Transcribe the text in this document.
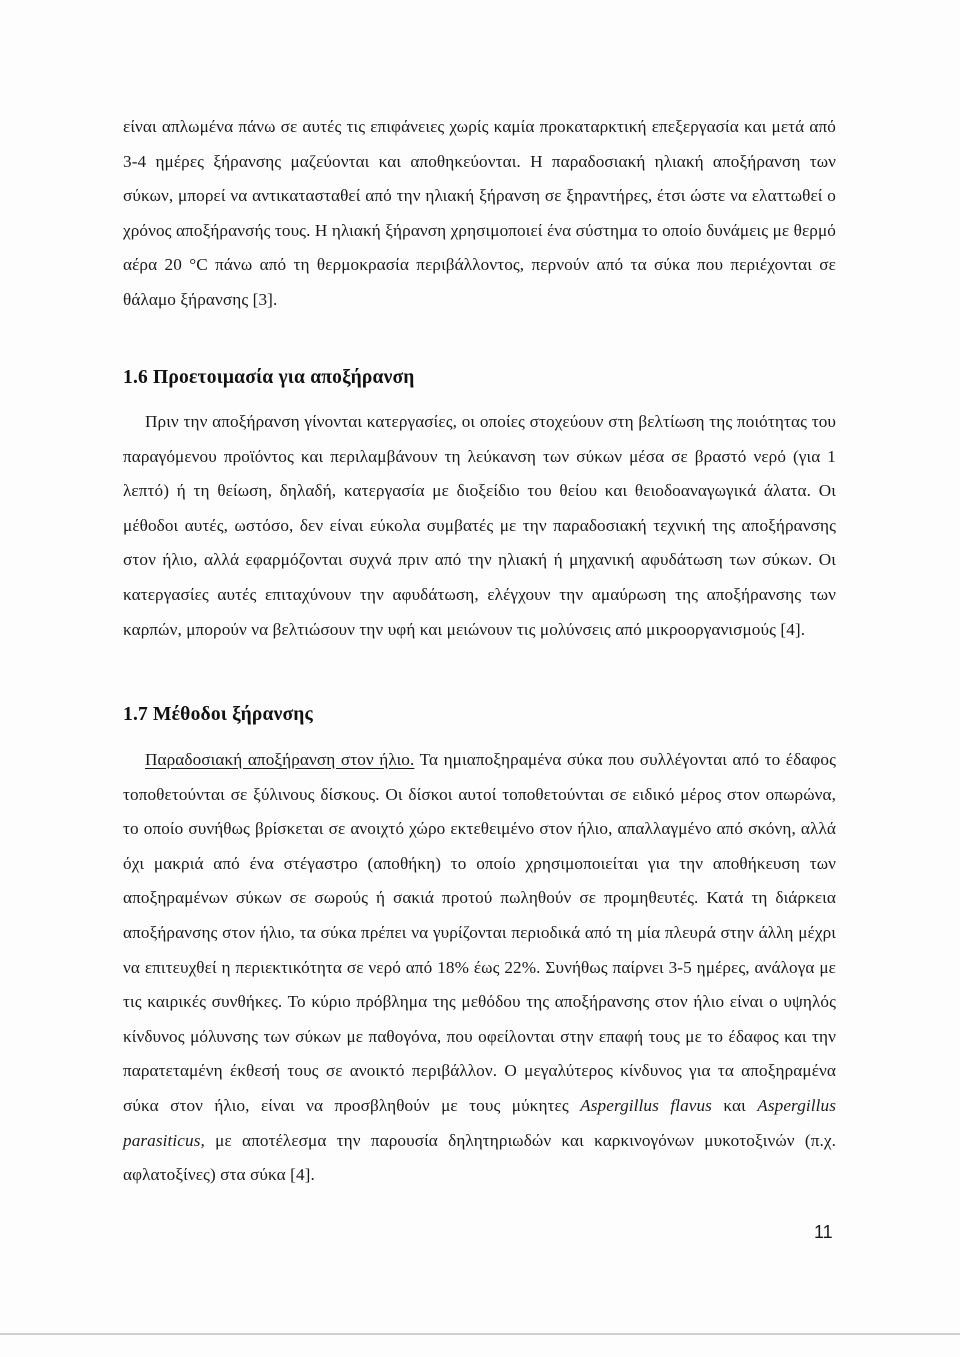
είναι απλωμένα πάνω σε αυτές τις επιφάνειες χωρίς καμία προκαταρκτική επεξεργασία και μετά από 3-4 ημέρες ξήρανσης μαζεύονται και αποθηκεύονται. Η παραδοσιακή ηλιακή αποξήρανση των σύκων, μπορεί να αντικατασταθεί από την ηλιακή ξήρανση σε ξηραντήρες, έτσι ώστε να ελαττωθεί ο χρόνος αποξήρανσής τους. Η ηλιακή ξήρανση χρησιμοποιεί ένα σύστημα το οποίο δυνάμεις με θερμό αέρα 20 °C πάνω από τη θερμοκρασία περιβάλλοντος, περνούν από τα σύκα που περιέχονται σε θάλαμο ξήρανσης [3].

1.6 Προετοιμασία για αποξήρανση

Πριν την αποξήρανση γίνονται κατεργασίες, οι οποίες στοχεύουν στη βελτίωση της ποιότητας του παραγόμενου προϊόντος και περιλαμβάνουν τη λεύκανση των σύκων μέσα σε βραστό νερό (για 1 λεπτό) ή τη θείωση, δηλαδή, κατεργασία με διοξείδιο του θείου και θειοδοαναγωγικά άλατα. Οι μέθοδοι αυτές, ωστόσο, δεν είναι εύκολα συμβατές με την παραδοσιακή τεχνική της αποξήρανσης στον ήλιο, αλλά εφαρμόζονται συχνά πριν από την ηλιακή ή μηχανική αφυδάτωση των σύκων. Οι κατεργασίες αυτές επιταχύνουν την αφυδάτωση, ελέγχουν την αμαύρωση της αποξήρανσης των καρπών, μπορούν να βελτιώσουν την υφή και μειώνουν τις μολύνσεις από μικροοργανισμούς [4].

1.7 Μέθοδοι ξήρανσης

Παραδοσιακή αποξήρανση στον ήλιο. Τα ημιαποξηραμένα σύκα που συλλέγονται από το έδαφος τοποθετούνται σε ξύλινους δίσκους. Οι δίσκοι αυτοί τοποθετούνται σε ειδικό μέρος στον οπωρώνα, το οποίο συνήθως βρίσκεται σε ανοιχτό χώρο εκτεθειμένο στον ήλιο, απαλλαγμένο από σκόνη, αλλά όχι μακριά από ένα στέγαστρο (αποθήκη) το οποίο χρησιμοποιείται για την αποθήκευση των αποξηραμένων σύκων σε σωρούς ή σακιά προτού πωληθούν σε προμηθευτές. Κατά τη διάρκεια αποξήρανσης στον ήλιο, τα σύκα πρέπει να γυρίζονται περιοδικά από τη μία πλευρά στην άλλη μέχρι να επιτευχθεί η περιεκτικότητα σε νερό από 18% έως 22%. Συνήθως παίρνει 3-5 ημέρες, ανάλογα με τις καιρικές συνθήκες. Το κύριο πρόβλημα της μεθόδου της αποξήρανσης στον ήλιο είναι ο υψηλός κίνδυνος μόλυνσης των σύκων με παθογόνα, που οφείλονται στην επαφή τους με το έδαφος και την παρατεταμένη έκθεσή τους σε ανοικτό περιβάλλον. Ο μεγαλύτερος κίνδυνος για τα αποξηραμένα σύκα στον ήλιο, είναι να προσβληθούν με τους μύκητες Aspergillus flavus και Aspergillus parasiticus, με αποτέλεσμα την παρουσία δηλητηριωδών και καρκινογόνων μυκοτοξινών (π.χ. αφλατοξίνες) στα σύκα [4].

11
